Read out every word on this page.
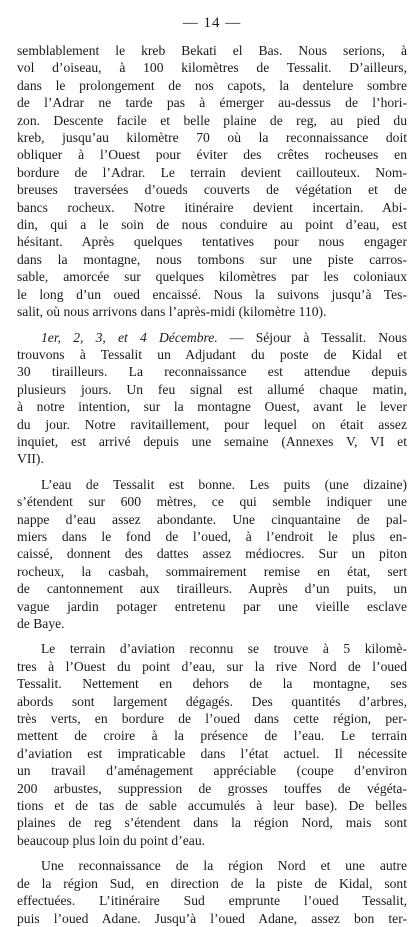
— 14 —
semblablement le kreb Bekati el Bas. Nous serions, à
vol d’oiseau, à 100 kilomètres de Tessalit. D’ailleurs,
dans le prolongement de nos capots, la dentelure sombre
de l’Adrar ne tarde pas à émerger au-dessus de l’hori-
zon. Descente facile et belle plaine de reg, au pied du
kreb, jusqu’au kilomètre 70 où la reconnaissance doit
obliquer à l’Ouest pour éviter des crêtes rocheuses en
bordure de l’Adrar. Le terrain devient caillouteux. Nom-
breuses traversées d’oueds couverts de végétation et de
bancs rocheux. Notre itinéraire devient incertain. Abi-
din, qui a le soin de nous conduire au point d’eau, est
hésitant. Après quelques tentatives pour nous engager
dans la montagne, nous tombons sur une piste carros-
sable, amorcée sur quelques kilomètres par les coloniaux
le long d’un oued encaissé. Nous la suivons jusqu’à Tes-
salit, où nous arrivons dans l’après-midi (kilomètre 110).
1er, 2, 3, et 4 Décembre. — Séjour à Tessalit. Nous
trouvons à Tessalit un Adjudant du poste de Kidal et
30 tirailleurs. La reconnaissance est attendue depuis
plusieurs jours. Un feu signal est allumé chaque matin,
à notre intention, sur la montagne Ouest, avant le lever
du jour. Notre ravitaillement, pour lequel on était assez
inquiet, est arrivé depuis une semaine (Annexes V, VI et
VII).
L’eau de Tessalit est bonne. Les puits (une dizaine)
s’étendent sur 600 mètres, ce qui semble indiquer une
nappe d’eau assez abondante. Une cinquantaine de pal-
miers dans le fond de l’oued, à l’endroit le plus en-
caissé, donnent des dattes assez médiocres. Sur un piton
rocheux, la casbah, sommairement remise en état, sert
de cantonnement aux tirailleurs. Auprès d’un puits, un
vague jardin potager entretenu par une vieille esclave
de Baye.
Le terrain d’aviation reconnu se trouve à 5 kilomè-
tres à l’Ouest du point d’eau, sur la rive Nord de l’oued
Tessalit. Nettement en dehors de la montagne, ses
abords sont largement dégagés. Des quantités d’arbres,
très verts, en bordure de l’oued dans cette région, per-
mettent de croire à la présence de l’eau. Le terrain
d’aviation est impraticable dans l’état actuel. Il nécessite
un travail d’aménagement appréciable (coupe d’environ
200 arbustes, suppression de grosses touffes de végéta-
tions et de tas de sable accumulés à leur base). De belles
plaines de reg s’étendent dans la région Nord, mais sont
beaucoup plus loin du point d’eau.
Une reconnaissance de la région Nord et une autre
de la région Sud, en direction de la piste de Kidal, sont
effectuées. L’itinéraire Sud emprunte l’oued Tessalit,
puis l’oued Adane. Jusqu’à l’oued Adane, assez bon ter-
